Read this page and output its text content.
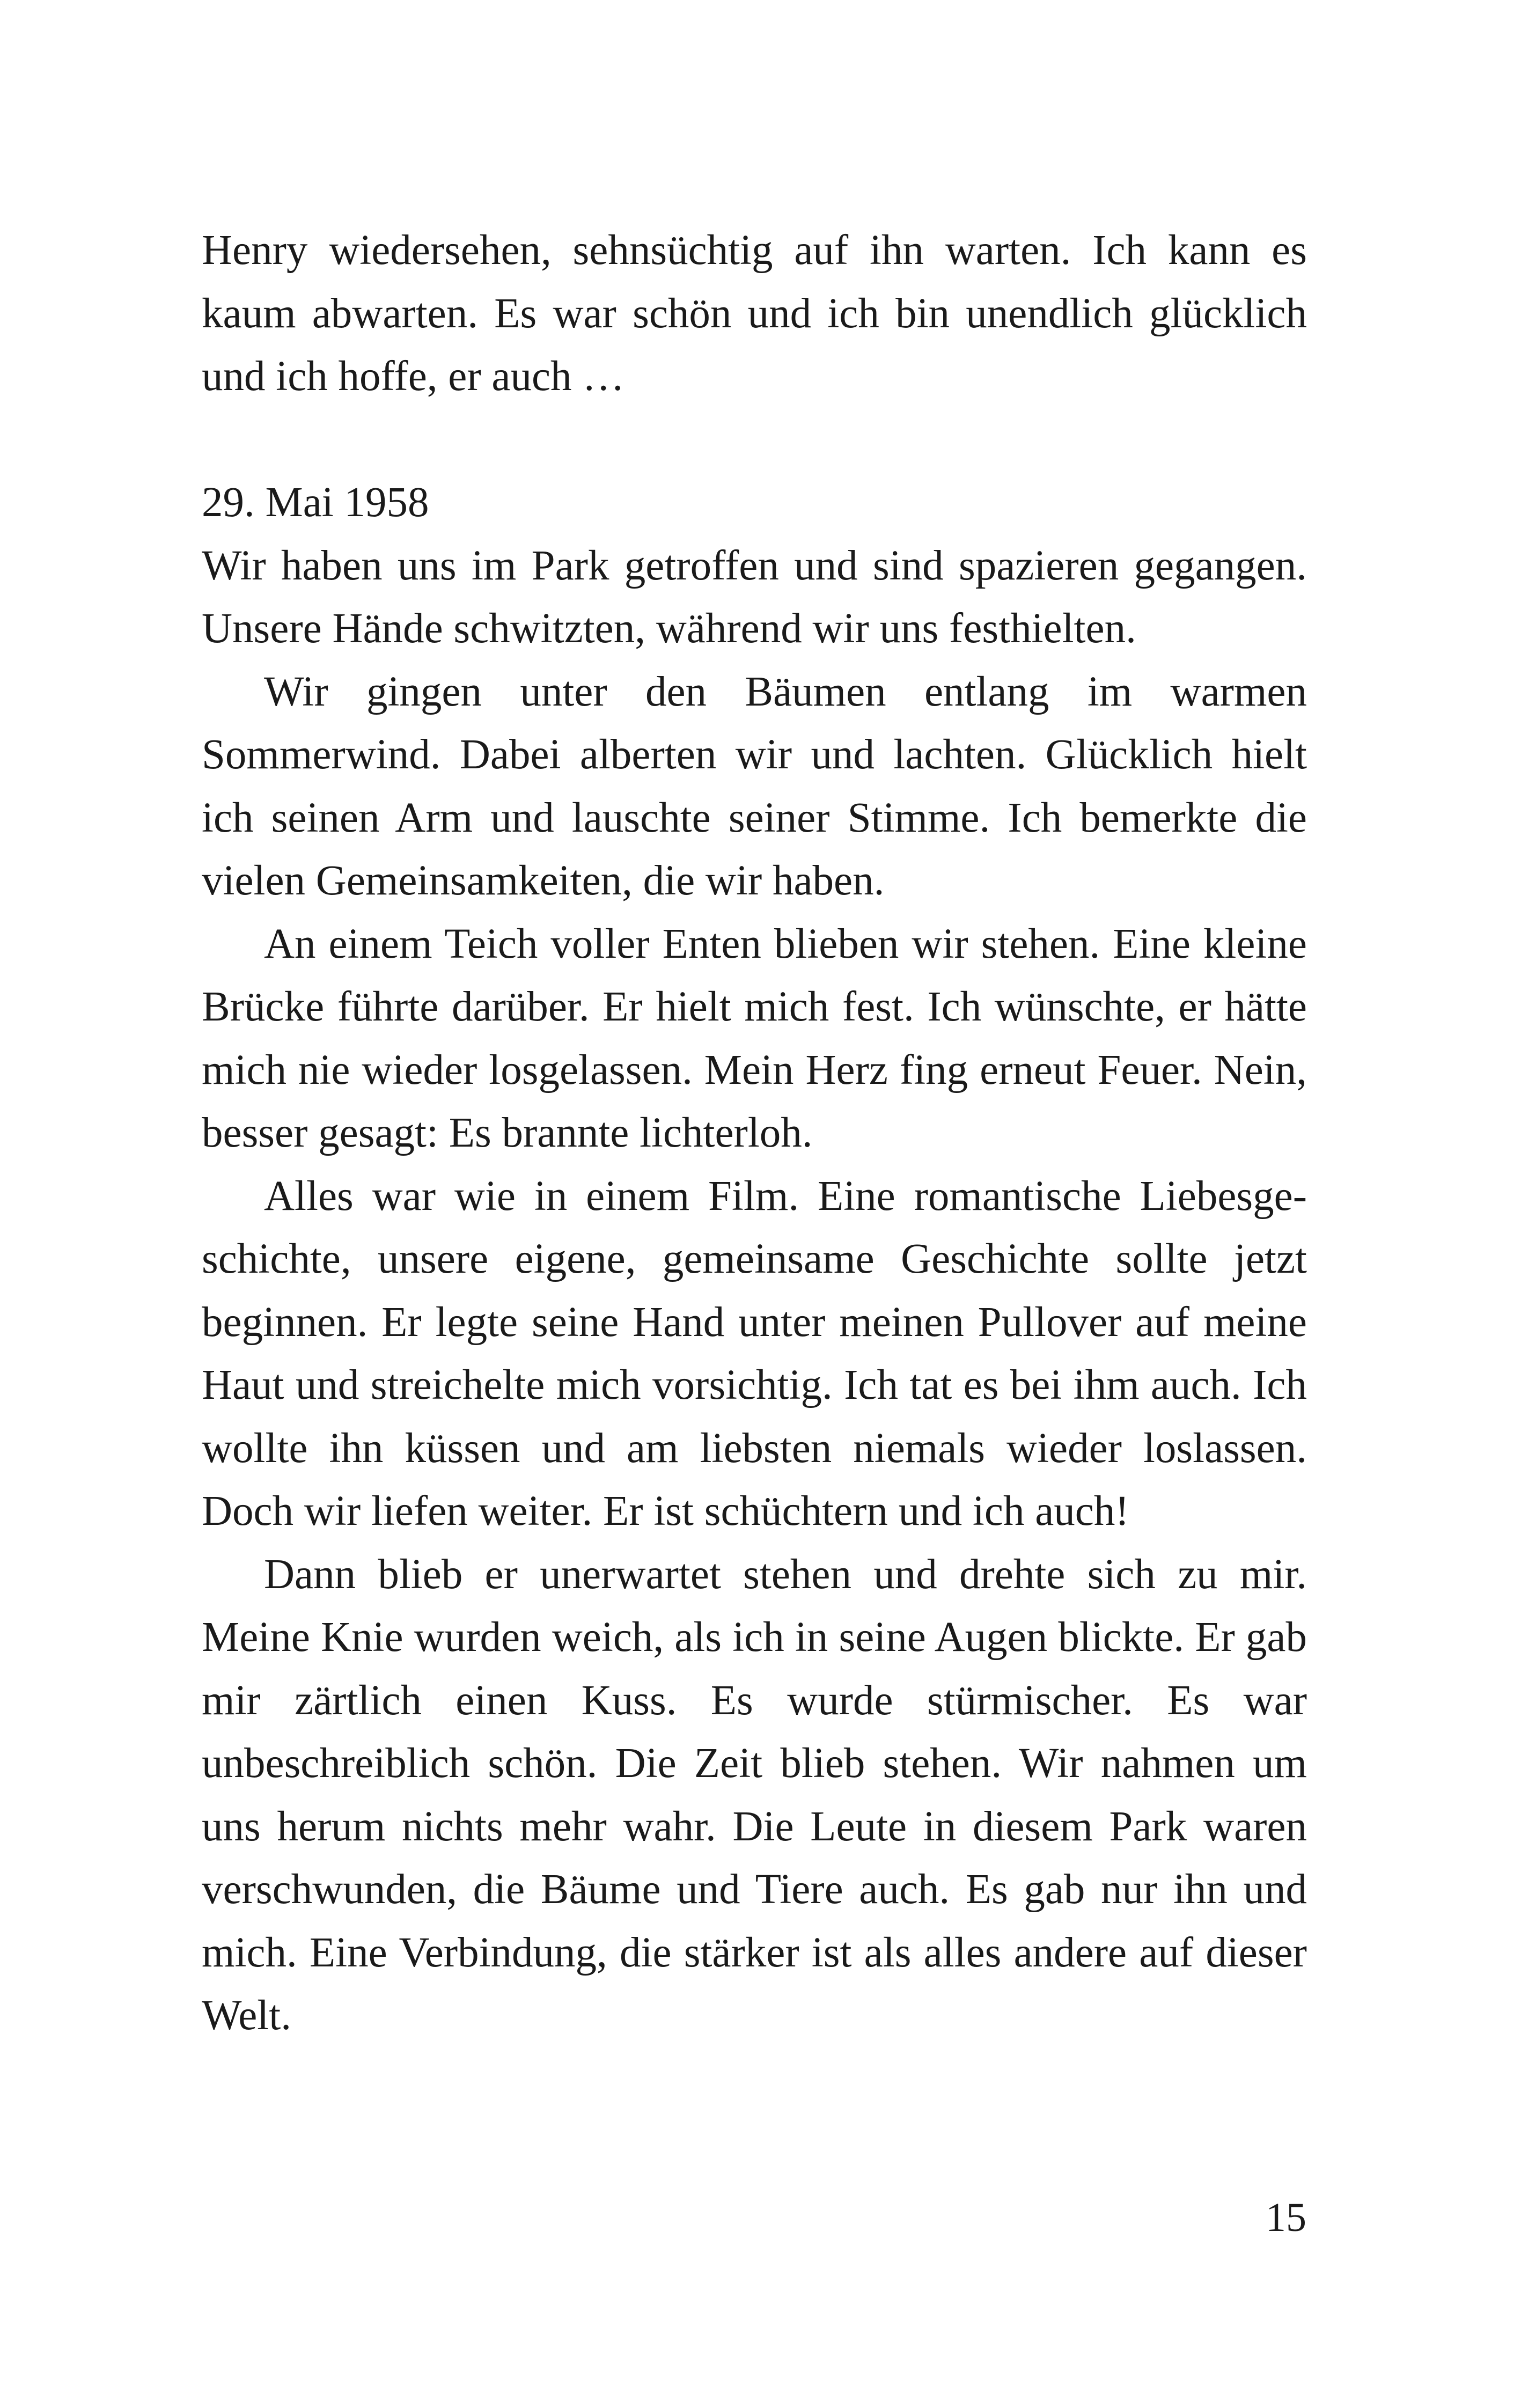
Henry wiedersehen, sehnsüchtig auf ihn warten. Ich kann es kaum abwarten. Es war schön und ich bin unendlich glücklich und ich hoffe, er auch …

29. Mai 1958

Wir haben uns im Park getroffen und sind spazieren gegangen. Unsere Hände schwitzten, während wir uns festhielten.

Wir gingen unter den Bäumen entlang im warmen Sommerwind. Dabei alberten wir und lachten. Glücklich hielt ich seinen Arm und lauschte seiner Stimme. Ich bemerkte die vielen Gemeinsamkeiten, die wir haben.

An einem Teich voller Enten blieben wir stehen. Eine kleine Brücke führte darüber. Er hielt mich fest. Ich wünschte, er hätte mich nie wieder losgelassen. Mein Herz fing erneut Feuer. Nein, besser gesagt: Es brannte lichterloh.

Alles war wie in einem Film. Eine romantische Liebesgeschichte, unsere eigene, gemeinsame Geschichte sollte jetzt beginnen. Er legte seine Hand unter meinen Pullover auf meine Haut und streichelte mich vorsichtig. Ich tat es bei ihm auch. Ich wollte ihn küssen und am liebsten niemals wieder loslassen. Doch wir liefen weiter. Er ist schüchtern und ich auch!

Dann blieb er unerwartet stehen und drehte sich zu mir. Meine Knie wurden weich, als ich in seine Augen blickte. Er gab mir zärtlich einen Kuss. Es wurde stürmischer. Es war unbeschreiblich schön. Die Zeit blieb stehen. Wir nahmen um uns herum nichts mehr wahr. Die Leute in diesem Park waren verschwunden, die Bäume und Tiere auch. Es gab nur ihn und mich. Eine Verbindung, die stärker ist als alles andere auf dieser Welt.

15
